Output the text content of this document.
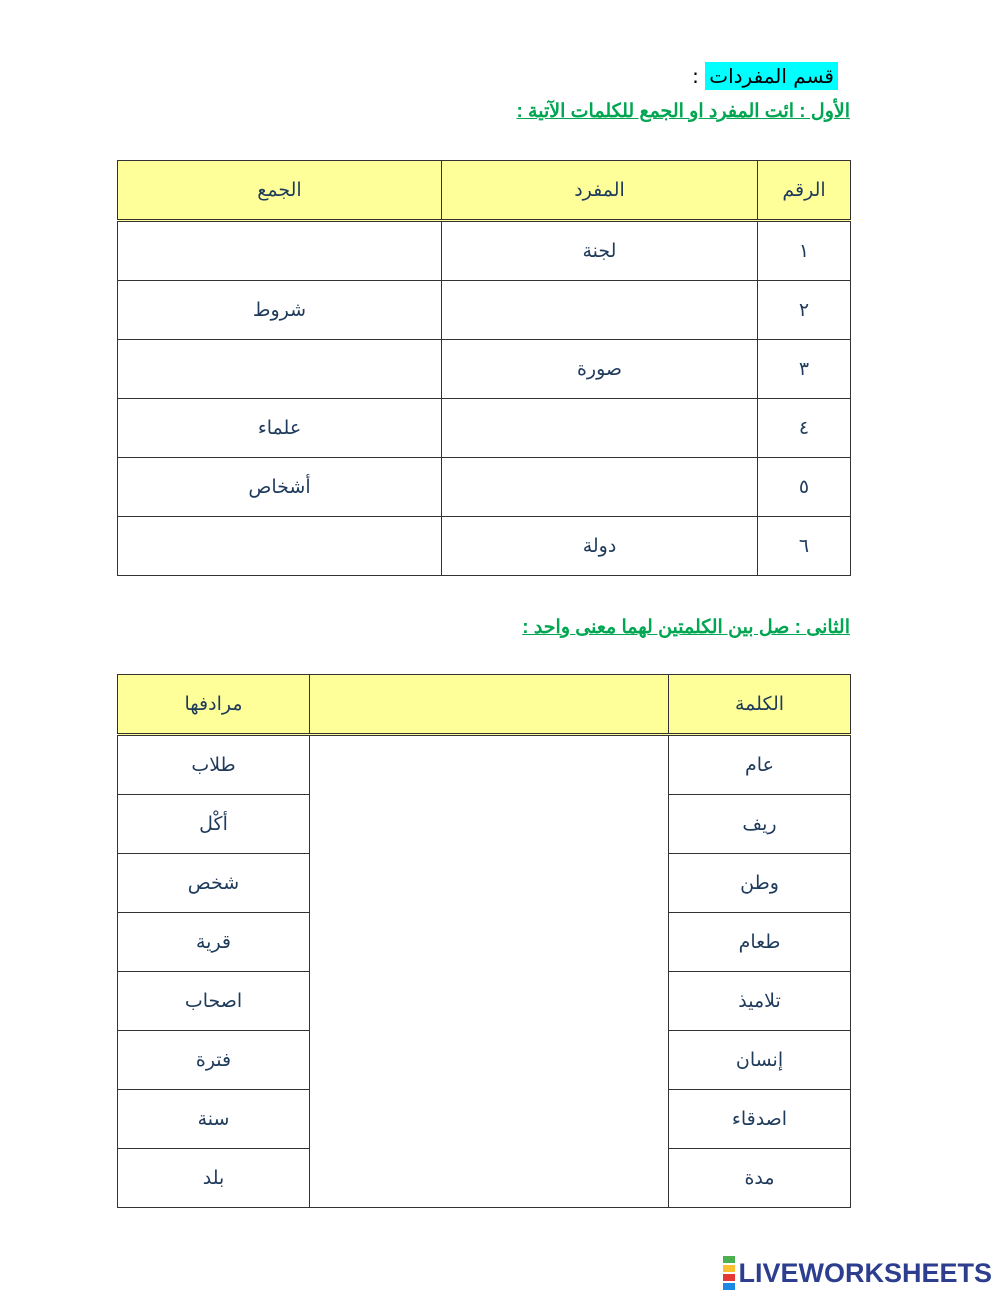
قسم المفردات :
الأول : ائت المفرد او الجمع للكلمات الآتية :
الرقم	المفرد	الجمع
١	لجنة	
٢		شروط
٣	صورة	
٤		علماء
٥		أشخاص
٦	دولة	
الثانى : صل بين الكلمتين لهما معنى واحد :
الكلمة		مرادفها
عام		طلاب
ريف		أكْل
وطن		شخص
طعام		قرية
تلاميذ		اصحاب
إنسان		فترة
اصدقاء		سنة
مدة		بلد
LIVEWORKSHEETS
